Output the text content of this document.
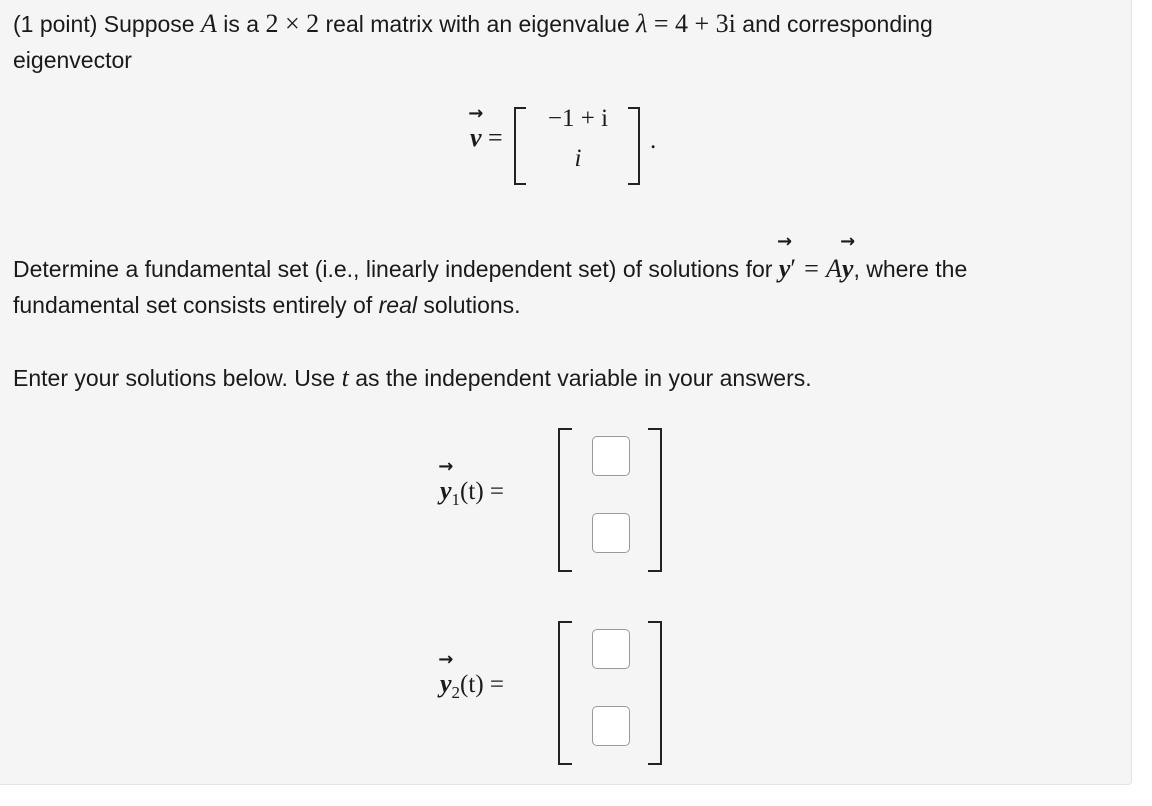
(1 point) Suppose A is a 2 × 2 real matrix with an eigenvalue λ = 4 + 3i and corresponding
eigenvector
→
v =
−1 + i
i
.
Determine a fundamental set (i.e., linearly independent set) of solutions for
→
y′ = A
→
y, where the
fundamental set consists entirely of real solutions.
Enter your solutions below. Use t as the independent variable in your answers.
→
$y_1(t)$ =
→
$y_2(t)$ =
